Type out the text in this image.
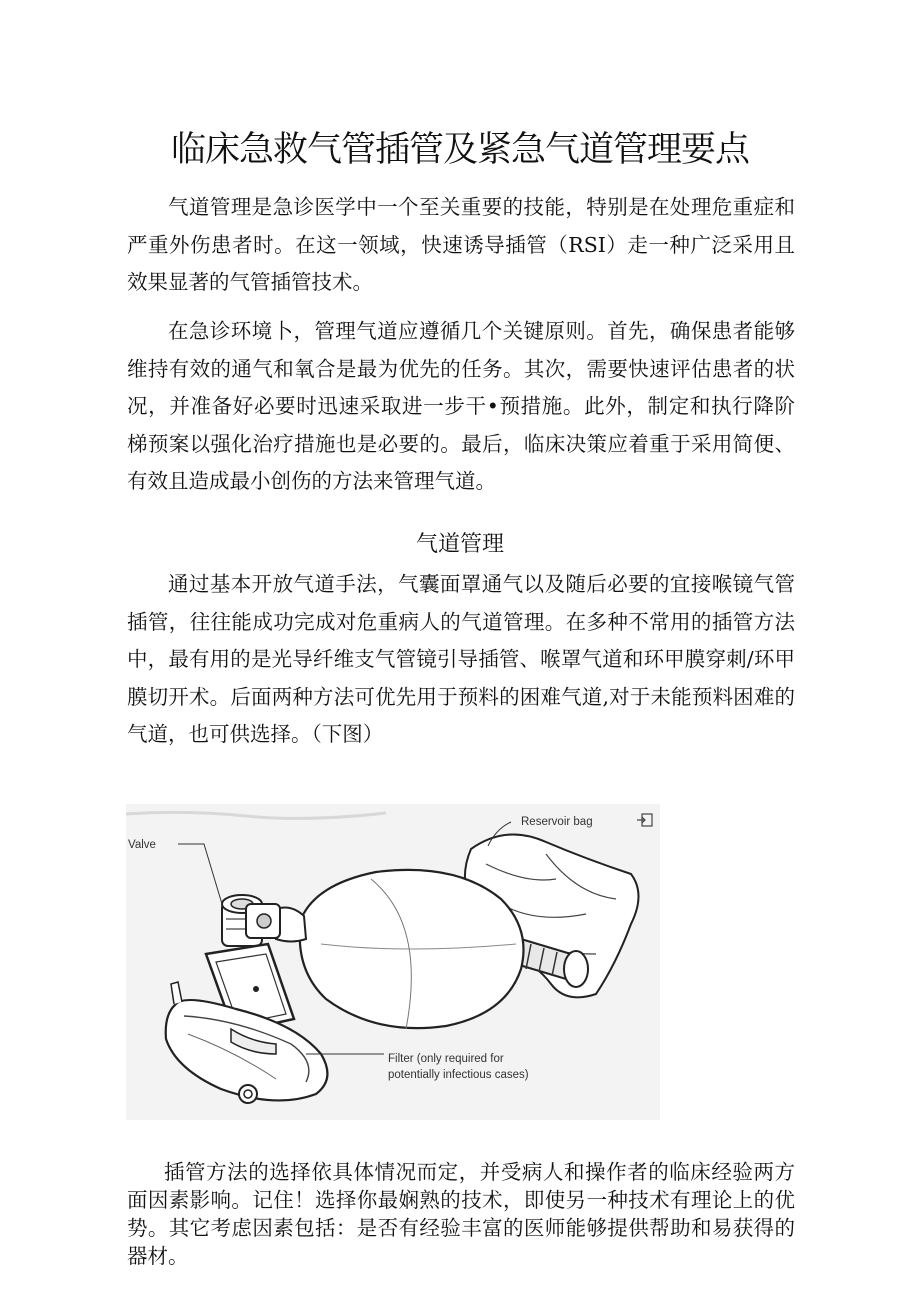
临床急救气管插管及紧急气道管理要点

气道管理是急诊医学中一个至关重要的技能，特别是在处理危重症和严重外伤患者时。在这一领域，快速诱导插管（RSI）走一种广泛采用且效果显著的气管插管技术。

在急诊环境卜，管理气道应遵循几个关键原则。首先，确保患者能够维持有效的通气和氧合是最为优先的任务。其次，需要快速评估患者的状况，并准备好必要时迅速采取进一步干•预措施。此外，制定和执行降阶梯预案以强化治疗措施也是必要的。最后，临床决策应着重于采用简便、有效且造成最小创伤的方法来管理气道。

气道管理

通过基本开放气道手法，气囊面罩通气以及随后必要的宜接喉镜气管插管，往往能成功完成对危重病人的气道管理。在多种不常用的插管方法中，最有用的是光导纤维支气管镜引导插管、喉罩气道和环甲膜穿刺/环甲膜切开术。后面两种方法可优先用于预料的困难气道,对于未能预料困难的气道，也可供选择。（下图）

Reservoir bag
Valve
Filter (only required for
potentially infectious cases)

插管方法的选择依具体情况而定，并受病人和操作者的临床经验两方面因素影响。记住！选择你最娴熟的技术，即使另一种技术有理论上的优势。其它考虑因素包括：是否有经验丰富的医师能够提供帮助和易获得的器材。
